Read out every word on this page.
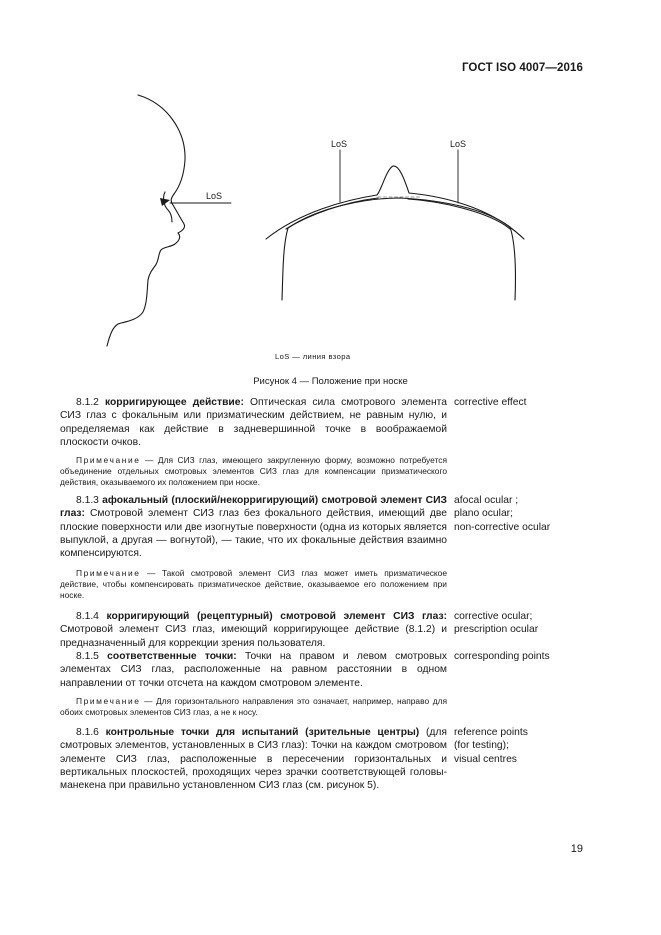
ГОСТ ISO 4007—2016
LoS
LoS	LoS
LoS — линия взора
Рисунок 4 — Положение при носке
8.1.2 корригирующее действие: Оптическая сила смотрового элемента СИЗ глаз с фокальным или призматическим действием, не равным нулю, и определяемая как действие в задневершинной точке в воображаемой плоскости очков.
corrective effect
Примечание — Для СИЗ глаз, имеющего закругленную форму, возможно потребуется объединение отдельных смотровых элементов СИЗ глаз для компенсации призматического действия, оказываемого их положением при носке.
8.1.3 афокальный (плоский/некорригирующий) смотровой элемент СИЗ глаз: Смотровой элемент СИЗ глаз без фокального действия, имеющий две плоские поверхности или две изогнутые поверхности (одна из которых является выпуклой, а другая — вогнутой), — такие, что их фокальные действия взаимно компенсируются.
afocal ocular ;
plano ocular;
non-corrective ocular
Примечание — Такой смотровой элемент СИЗ глаз может иметь призматическое действие, чтобы компенсировать призматическое действие, оказываемое его положением при носке.
8.1.4 корригирующий (рецептурный) смотровой элемент СИЗ глаз: Смотровой элемент СИЗ глаз, имеющий корригирующее действие (8.1.2) и предназначенный для коррекции зрения пользователя.
corrective ocular;
prescription ocular
8.1.5 соответственные точки: Точки на правом и левом смотровых элементах СИЗ глаз, расположенные на равном расстоянии в одном направлении от точки отсчета на каждом смотровом элементе.
corresponding points
Примечание — Для горизонтального направления это означает, например, направо для обоих смотровых элементов СИЗ глаз, а не к носу.
8.1.6 контрольные точки для испытаний (зрительные центры) (для смотровых элементов, установленных в СИЗ глаз): Точки на каждом смотровом элементе СИЗ глаз, расположенные в пересечении горизонтальных и вертикальных плоскостей, проходящих через зрачки соответствующей головы-манекена при правильно установленном СИЗ глаз (см. рисунок 5).
reference points
(for testing);
visual centres
19
